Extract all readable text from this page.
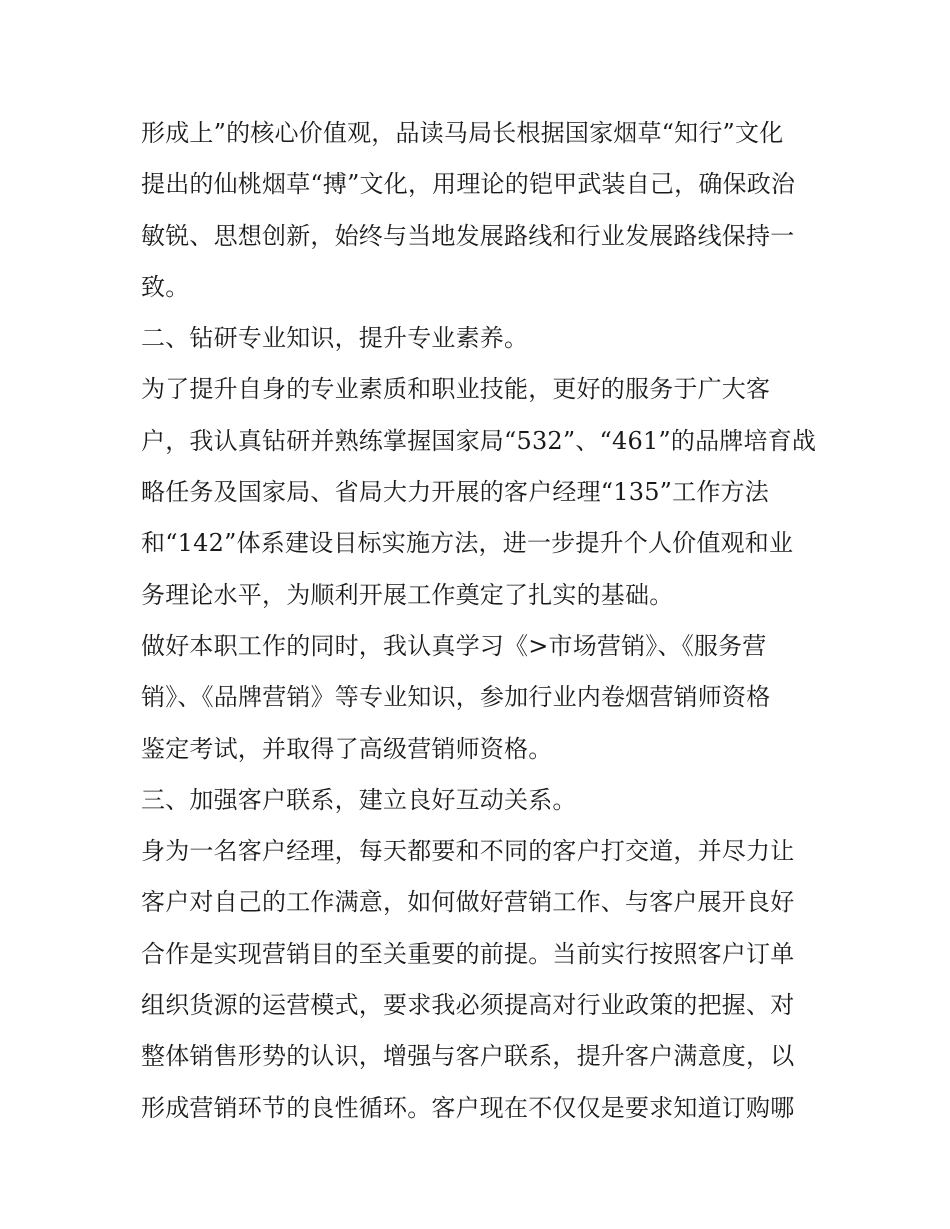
形成上”的核心价值观，品读马局长根据国家烟草“知行”文化
提出的仙桃烟草“搏”文化，用理论的铠甲武装自己，确保政治
敏锐、思想创新，始终与当地发展路线和行业发展路线保持一
致。
二、钻研专业知识，提升专业素养。
为了提升自身的专业素质和职业技能，更好的服务于广大客
户，我认真钻研并熟练掌握国家局“532”、“461”的品牌培育战
略任务及国家局、省局大力开展的客户经理“135”工作方法
和“142”体系建设目标实施方法，进一步提升个人价值观和业
务理论水平，为顺利开展工作奠定了扎实的基础。
做好本职工作的同时，我认真学习《>市场营销》、《服务营
销》、《品牌营销》等专业知识，参加行业内卷烟营销师资格
鉴定考试，并取得了高级营销师资格。
三、加强客户联系，建立良好互动关系。
身为一名客户经理，每天都要和不同的客户打交道，并尽力让
客户对自己的工作满意，如何做好营销工作、与客户展开良好
合作是实现营销目的至关重要的前提。当前实行按照客户订单
组织货源的运营模式，要求我必须提高对行业政策的把握、对
整体销售形势的认识，增强与客户联系，提升客户满意度，以
形成营销环节的良性循环。客户现在不仅仅是要求知道订购哪
